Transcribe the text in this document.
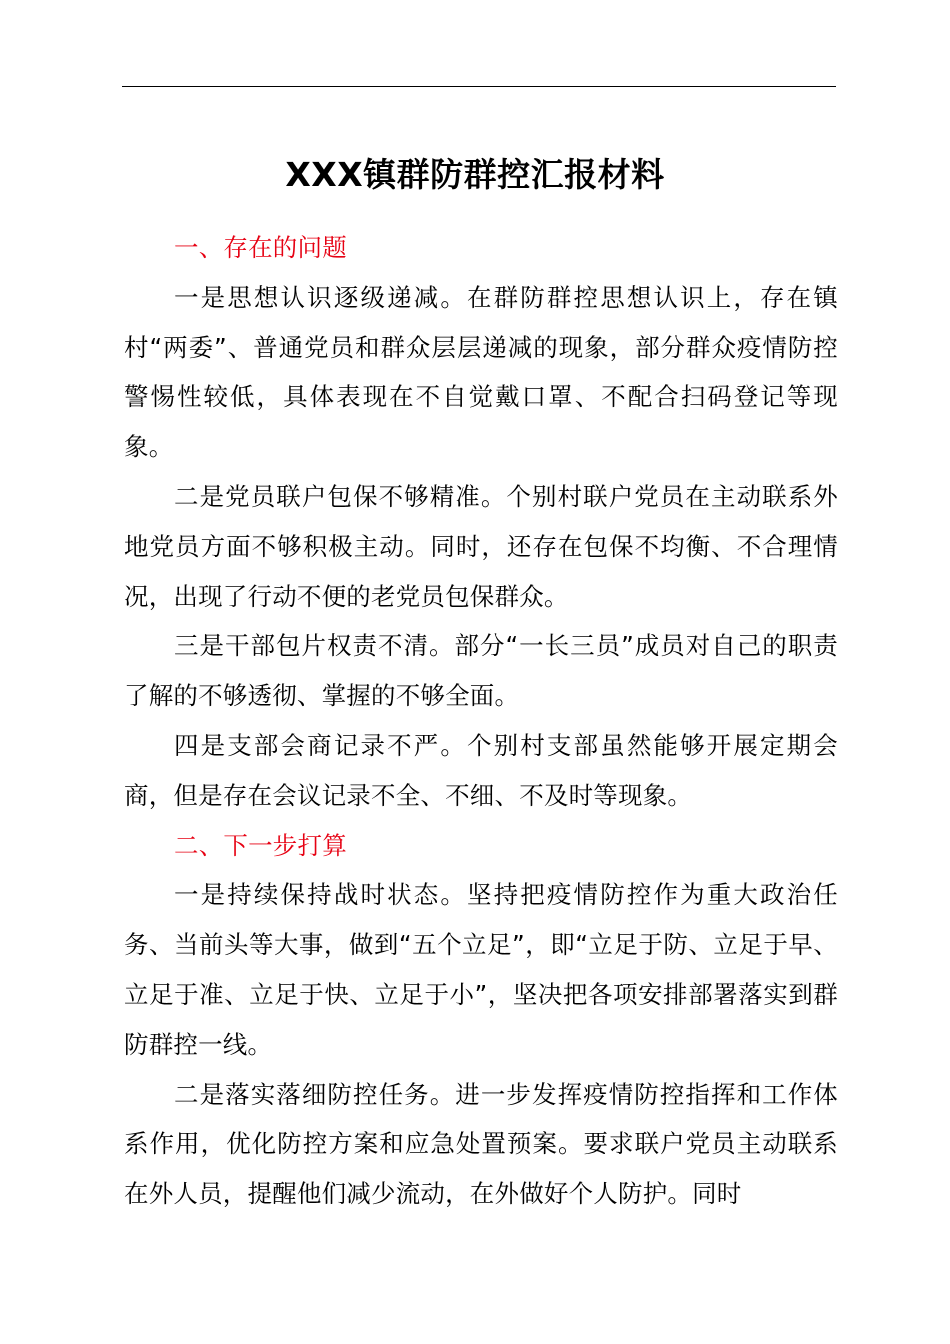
XXX镇群防群控汇报材料

一、存在的问题

一是思想认识逐级递减。在群防群控思想认识上，存在镇村“两委”、普通党员和群众层层递减的现象，部分群众疫情防控警惕性较低，具体表现在不自觉戴口罩、不配合扫码登记等现象。

二是党员联户包保不够精准。个别村联户党员在主动联系外地党员方面不够积极主动。同时，还存在包保不均衡、不合理情况，出现了行动不便的老党员包保群众。

三是干部包片权责不清。部分“一长三员”成员对自己的职责了解的不够透彻、掌握的不够全面。

四是支部会商记录不严。个别村支部虽然能够开展定期会商，但是存在会议记录不全、不细、不及时等现象。

二、下一步打算

一是持续保持战时状态。坚持把疫情防控作为重大政治任务、当前头等大事，做到“五个立足”，即“立足于防、立足于早、立足于准、立足于快、立足于小”，坚决把各项安排部署落实到群防群控一线。

二是落实落细防控任务。进一步发挥疫情防控指挥和工作体系作用，优化防控方案和应急处置预案。要求联户党员主动联系在外人员，提醒他们减少流动，在外做好个人防护。同时
